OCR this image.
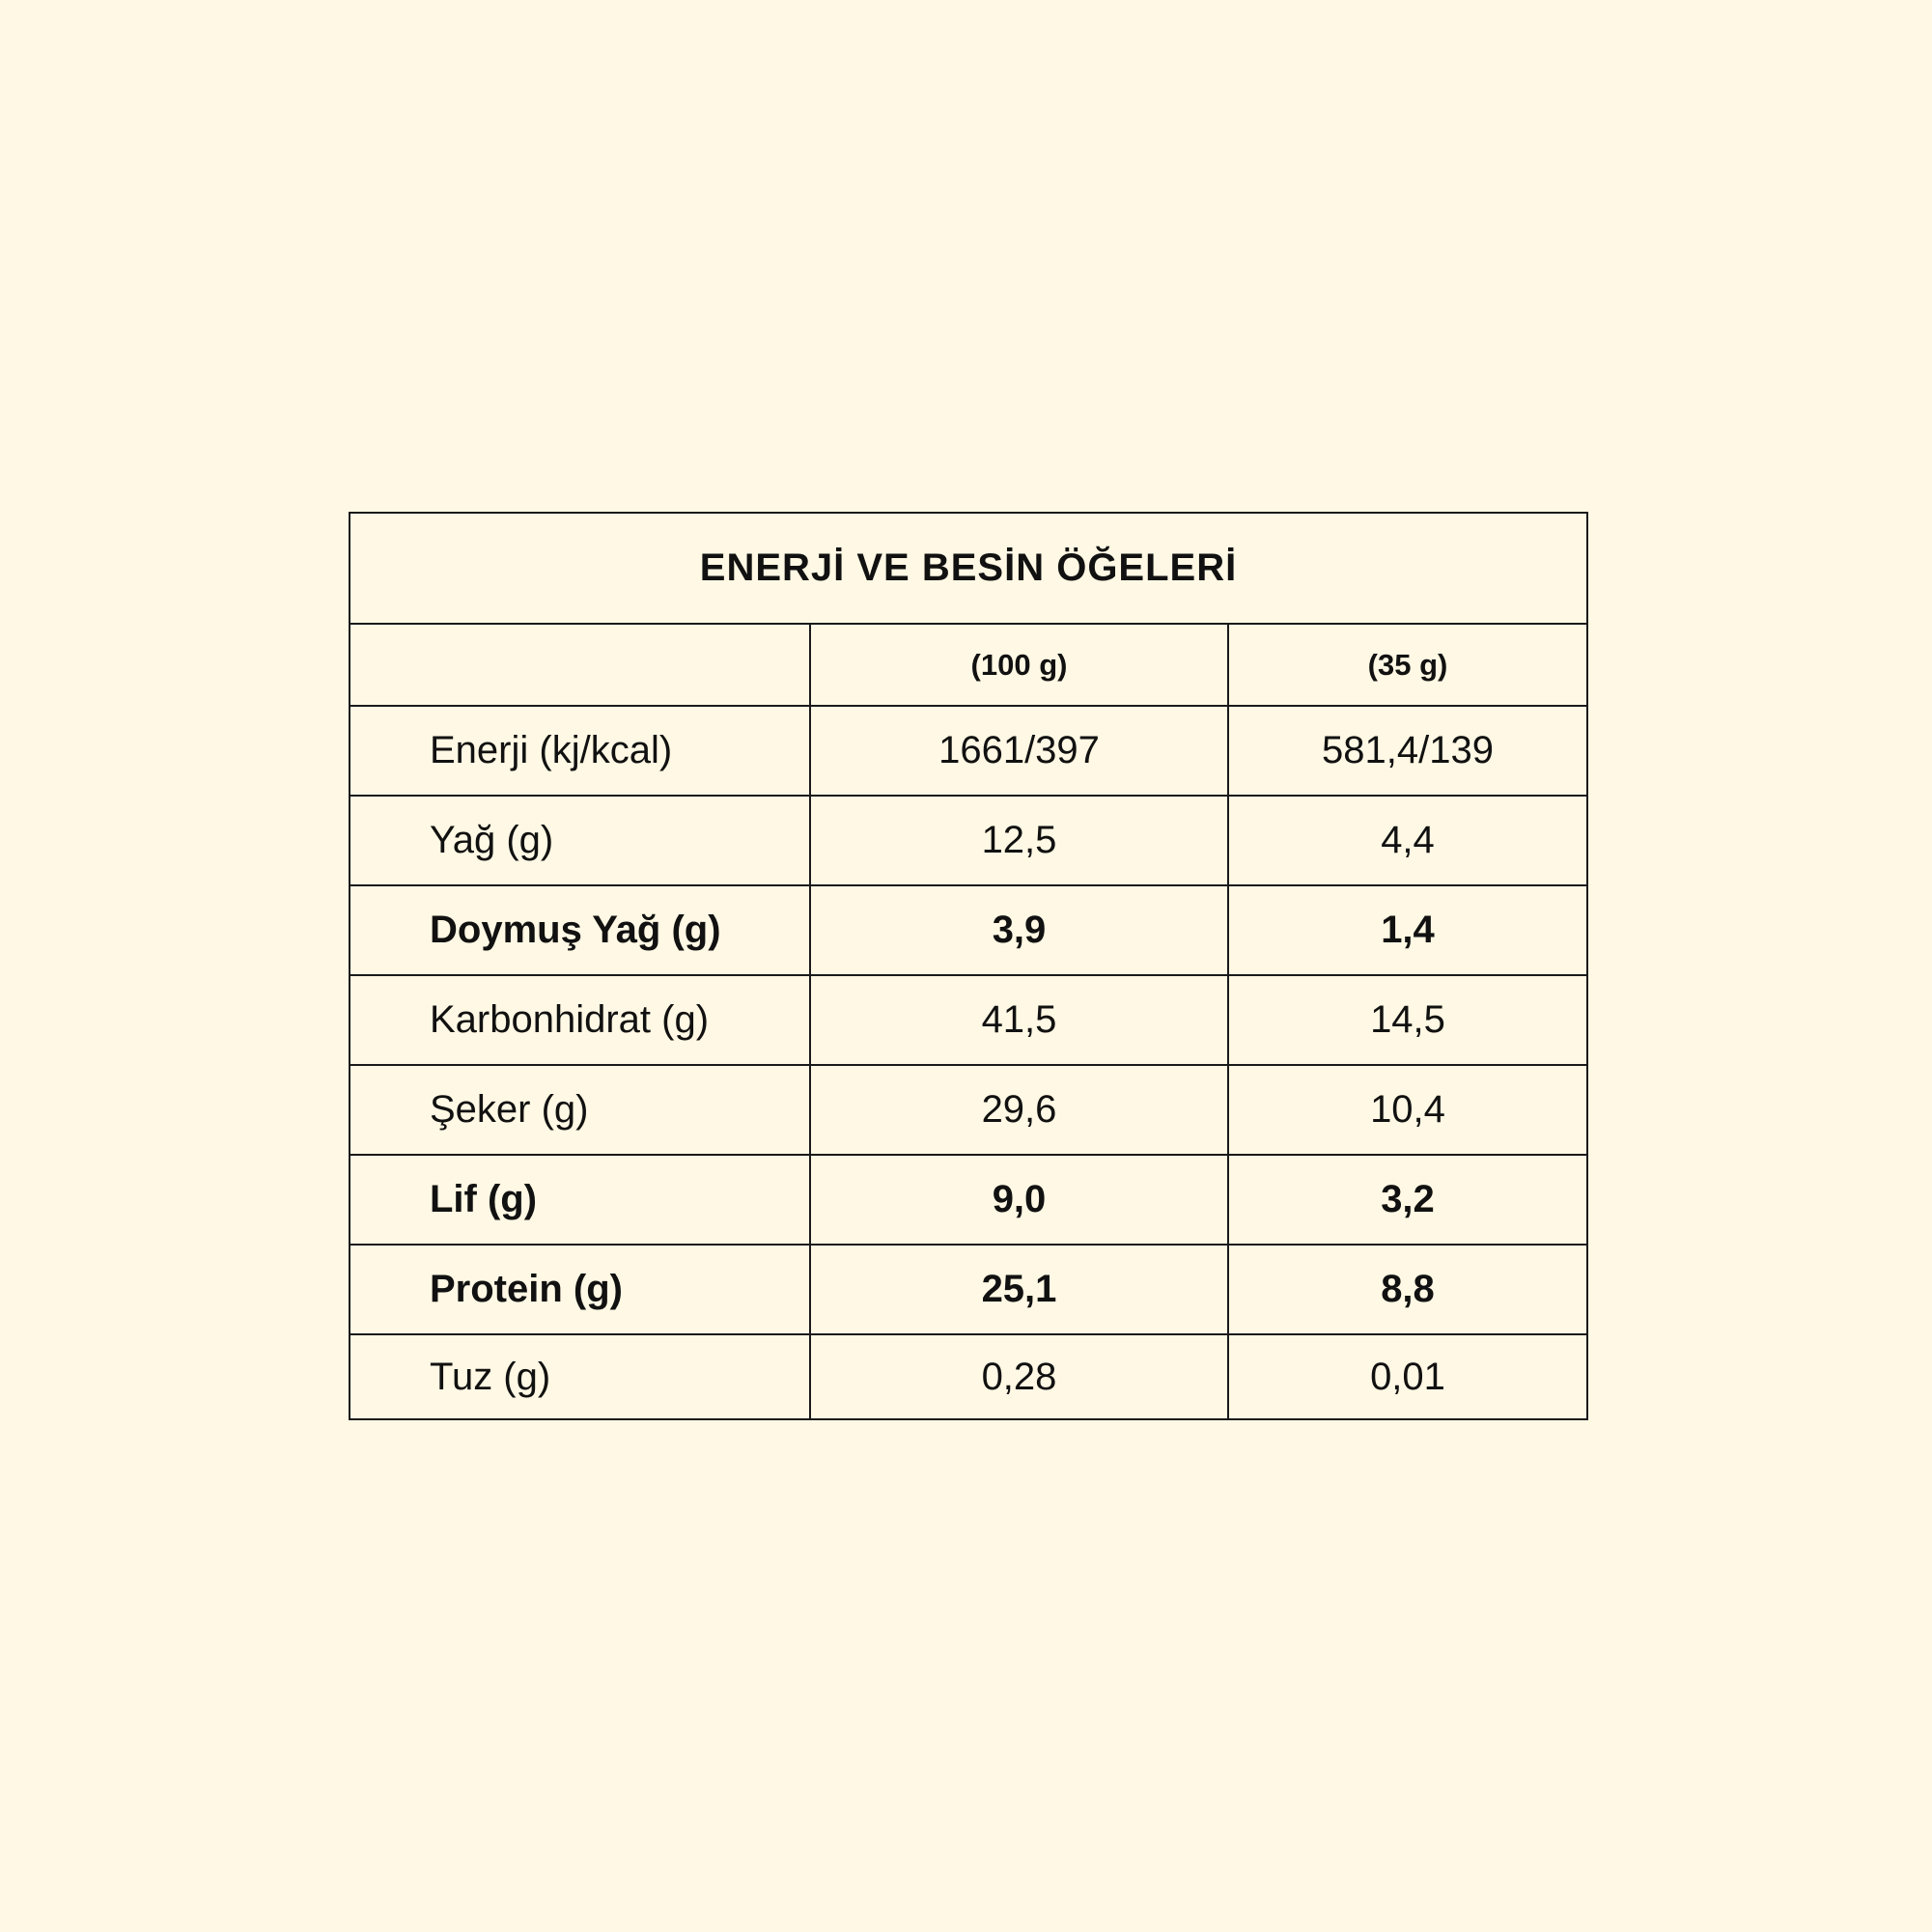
ENERJİ VE BESİN ÖĞELERİ		
	(100 g)	(35 g)
Enerji (kj/kcal)	1661/397	581,4/139
Yağ (g)	12,5	4,4
Doymuş Yağ (g)	3,9	1,4
Karbonhidrat (g)	41,5	14,5
Şeker (g)	29,6	10,4
Lif (g)	9,0	3,2
Protein (g)	25,1	8,8
Tuz (g)	0,28	0,01
